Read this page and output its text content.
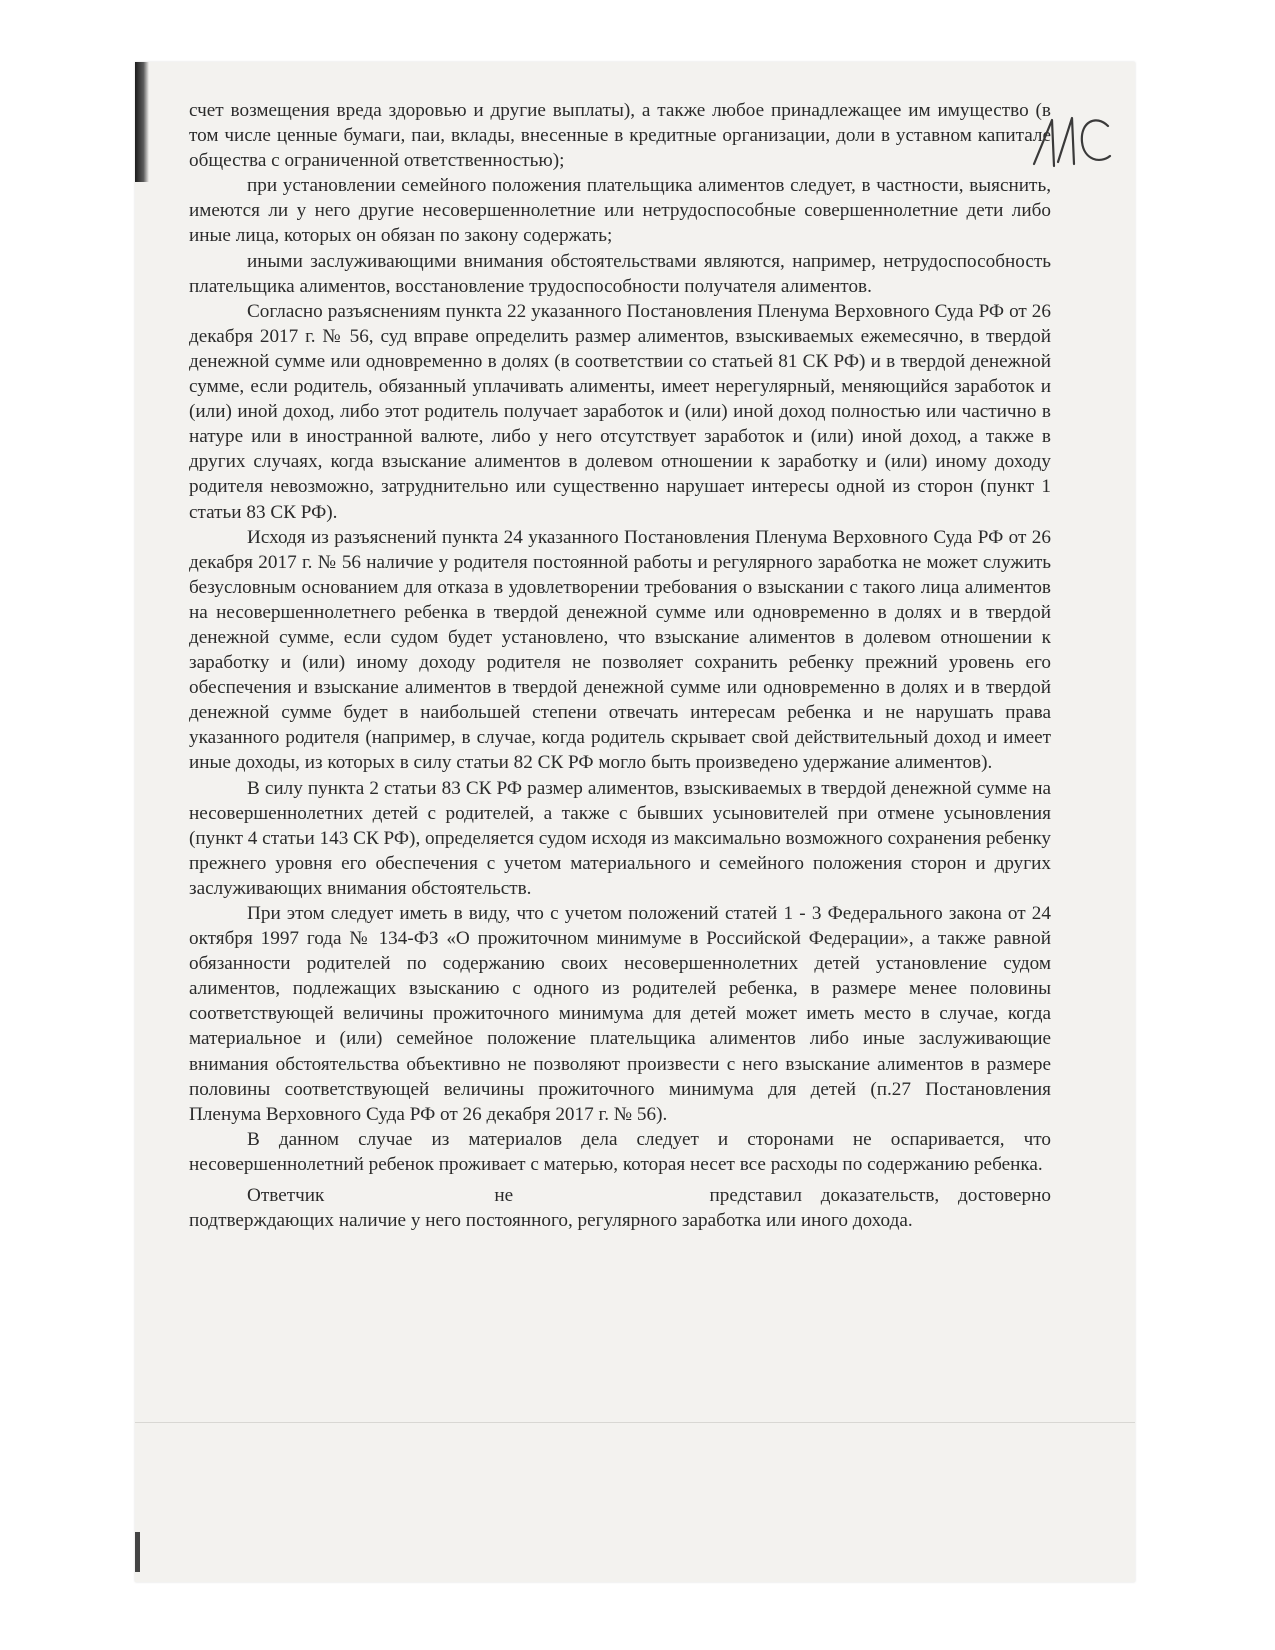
счет возмещения вреда здоровью и другие выплаты), а также любое принадлежащее им имущество (в том числе ценные бумаги, паи, вклады, внесенные в кредитные организации, доли в уставном капитале общества с ограниченной ответственностью);

при установлении семейного положения плательщика алиментов следует, в частности, выяснить, имеются ли у него другие несовершеннолетние или нетрудоспособные совершеннолетние дети либо иные лица, которых он обязан по закону содержать;

иными заслуживающими внимания обстоятельствами являются, например, нетрудоспособность плательщика алиментов, восстановление трудоспособности получателя алиментов.

Согласно разъяснениям пункта 22 указанного Постановления Пленума Верховного Суда РФ от 26 декабря 2017 г. № 56, суд вправе определить размер алиментов, взыскиваемых ежемесячно, в твердой денежной сумме или одновременно в долях (в соответствии со статьей 81 СК РФ) и в твердой денежной сумме, если родитель, обязанный уплачивать алименты, имеет нерегулярный, меняющийся заработок и (или) иной доход, либо этот родитель получает заработок и (или) иной доход полностью или частично в натуре или в иностранной валюте, либо у него отсутствует заработок и (или) иной доход, а также в других случаях, когда взыскание алиментов в долевом отношении к заработку и (или) иному доходу родителя невозможно, затруднительно или существенно нарушает интересы одной из сторон (пункт 1 статьи 83 СК РФ).

Исходя из разъяснений пункта 24 указанного Постановления Пленума Верховного Суда РФ от 26 декабря 2017 г. № 56 наличие у родителя постоянной работы и регулярного заработка не может служить безусловным основанием для отказа в удовлетворении требования о взыскании с такого лица алиментов на несовершеннолетнего ребенка в твердой денежной сумме или одновременно в долях и в твердой денежной сумме, если судом будет установлено, что взыскание алиментов в долевом отношении к заработку и (или) иному доходу родителя не позволяет сохранить ребенку прежний уровень его обеспечения и взыскание алиментов в твердой денежной сумме или одновременно в долях и в твердой денежной сумме будет в наибольшей степени отвечать интересам ребенка и не нарушать права указанного родителя (например, в случае, когда родитель скрывает свой действительный доход и имеет иные доходы, из которых в силу статьи 82 СК РФ могло быть произведено удержание алиментов).

В силу пункта 2 статьи 83 СК РФ размер алиментов, взыскиваемых в твердой денежной сумме на несовершеннолетних детей с родителей, а также с бывших усыновителей при отмене усыновления (пункт 4 статьи 143 СК РФ), определяется судом исходя из максимально возможного сохранения ребенку прежнего уровня его обеспечения с учетом материального и семейного положения сторон и других заслуживающих внимания обстоятельств.

При этом следует иметь в виду, что с учетом положений статей 1 - 3 Федерального закона от 24 октября 1997 года № 134-ФЗ «О прожиточном минимуме в Российской Федерации», а также равной обязанности родителей по содержанию своих несовершеннолетних детей установление судом алиментов, подлежащих взысканию с одного из родителей ребенка, в размере менее половины соответствующей величины прожиточного минимума для детей может иметь место в случае, когда материальное и (или) семейное положение плательщика алиментов либо иные заслуживающие внимания обстоятельства объективно не позволяют произвести с него взыскание алиментов в размере половины соответствующей величины прожиточного минимума для детей (п.27 Постановления Пленума Верховного Суда РФ от 26 декабря 2017 г. № 56).

В данном случае из материалов дела следует и сторонами не оспаривается, что несовершеннолетний ребенок проживает с матерью, которая несет все расходы по содержанию ребенка.

Ответчик	не	представил доказательств, достоверно

подтверждающих наличие у него постоянного, регулярного заработка или иного дохода.
